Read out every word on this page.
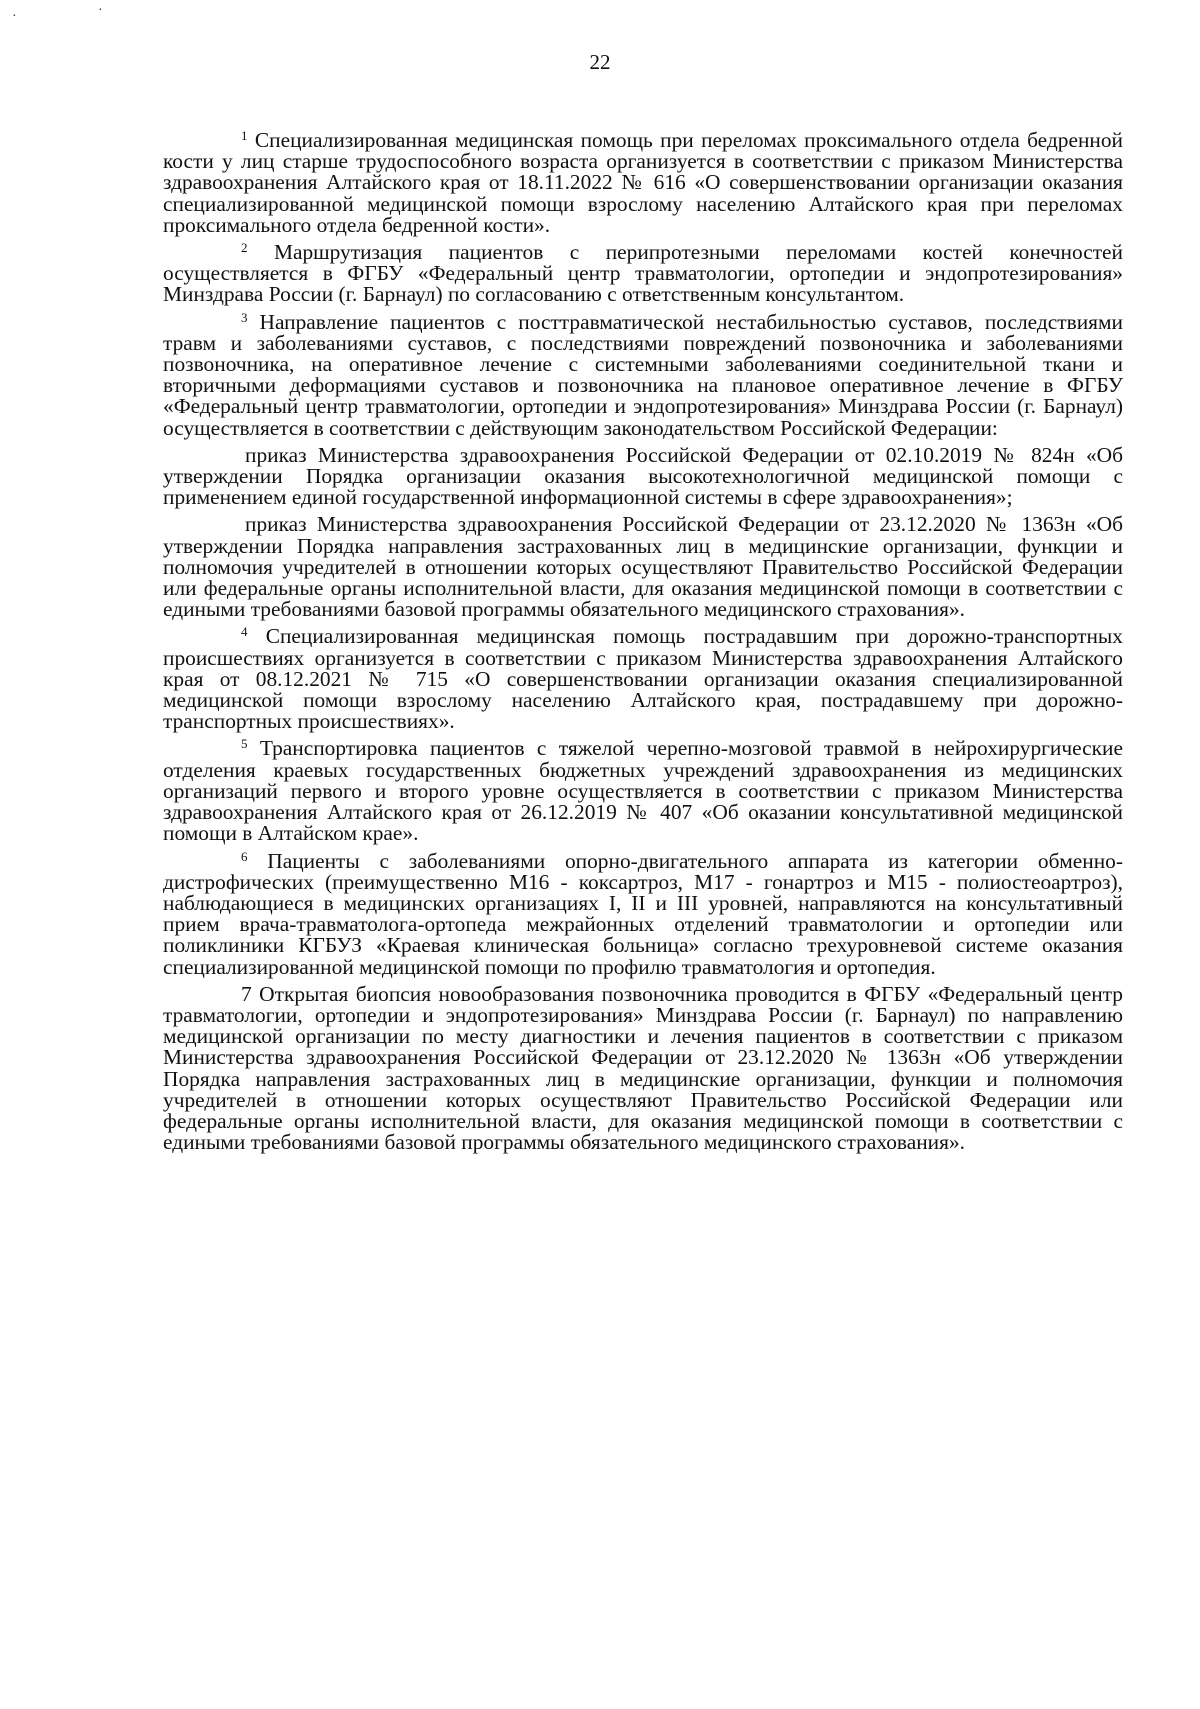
·	·
22

$^1$ Специализированная медицинская помощь при переломах проксимального отдела бедренной кости у лиц старше трудоспособного возраста организуется в соответствии с приказом Министерства здравоохранения Алтайского края от 18.11.2022 № 616 «О совершенствовании организации оказания специализированной медицинской помощи взрослому населению Алтайского края при переломах проксимального отдела бедренной кости».

$^2$ Маршрутизация пациентов с перипротезными переломами костей конечностей осуществляется в ФГБУ «Федеральный центр травматологии, ортопедии и эндопротезирования» Минздрава России (г. Барнаул) по согласованию с ответственным консультантом.

$^3$ Направление пациентов с посттравматической нестабильностью суставов, последствиями травм и заболеваниями суставов, с последствиями повреждений позвоночника и заболеваниями позвоночника, на оперативное лечение с системными заболеваниями соединительной ткани и вторичными деформациями суставов и позвоночника на плановое оперативное лечение в ФГБУ «Федеральный центр травматологии, ортопедии и эндопротезирования» Минздрава России (г. Барнаул) осуществляется в соответствии с действующим законодательством Российской Федерации:

приказ Министерства здравоохранения Российской Федерации от 02.10.2019 № 824н «Об утверждении Порядка организации оказания высокотехнологичной медицинской помощи с применением единой государственной информационной системы в сфере здравоохранения»;

приказ Министерства здравоохранения Российской Федерации от 23.12.2020 № 1363н «Об утверждении Порядка направления застрахованных лиц в медицинские организации, функции и полномочия учредителей в отношении которых осуществляют Правительство Российской Федерации или федеральные органы исполнительной власти, для оказания медицинской помощи в соответствии с едиными требованиями базовой программы обязательного медицинского страхования».

$^4$ Специализированная медицинская помощь пострадавшим при дорожно-транспортных происшествиях организуется в соответствии с приказом Министерства здравоохранения Алтайского края от 08.12.2021 № 715 «О совершенствовании организации оказания специализированной медицинской помощи взрослому населению Алтайского края, пострадавшему при дорожно-транспортных происшествиях».

$^5$ Транспортировка пациентов с тяжелой черепно-мозговой травмой в нейрохирургические отделения краевых государственных бюджетных учреждений здравоохранения из медицинских организаций первого и второго уровне осуществляется в соответствии с приказом Министерства здравоохранения Алтайского края от 26.12.2019 № 407 «Об оказании консультативной медицинской помощи в Алтайском крае».

$^6$ Пациенты с заболеваниями опорно-двигательного аппарата из категории обменно-дистрофических (преимущественно М16 - коксартроз, М17 - гонартроз и М15 - полиостеоартроз), наблюдающиеся в медицинских организациях I, II и III уровней, направляются на консультативный прием врача-травматолога-ортопеда межрайонных отделений травматологии и ортопедии или поликлиники КГБУЗ «Краевая клиническая больница» согласно трехуровневой системе оказания специализированной медицинской помощи по профилю травматология и ортопедия.

7 Открытая биопсия новообразования позвоночника проводится в ФГБУ «Федеральный центр травматологии, ортопедии и эндопротезирования» Минздрава России (г. Барнаул) по направлению медицинской организации по месту диагностики и лечения пациентов в соответствии с приказом Министерства здравоохранения Российской Федерации от 23.12.2020 № 1363н «Об утверждении Порядка направления застрахованных лиц в медицинские организации, функции и полномочия учредителей в отношении которых осуществляют Правительство Российской Федерации или федеральные органы исполнительной власти, для оказания медицинской помощи в соответствии с едиными требованиями базовой программы обязательного медицинского страхования».
